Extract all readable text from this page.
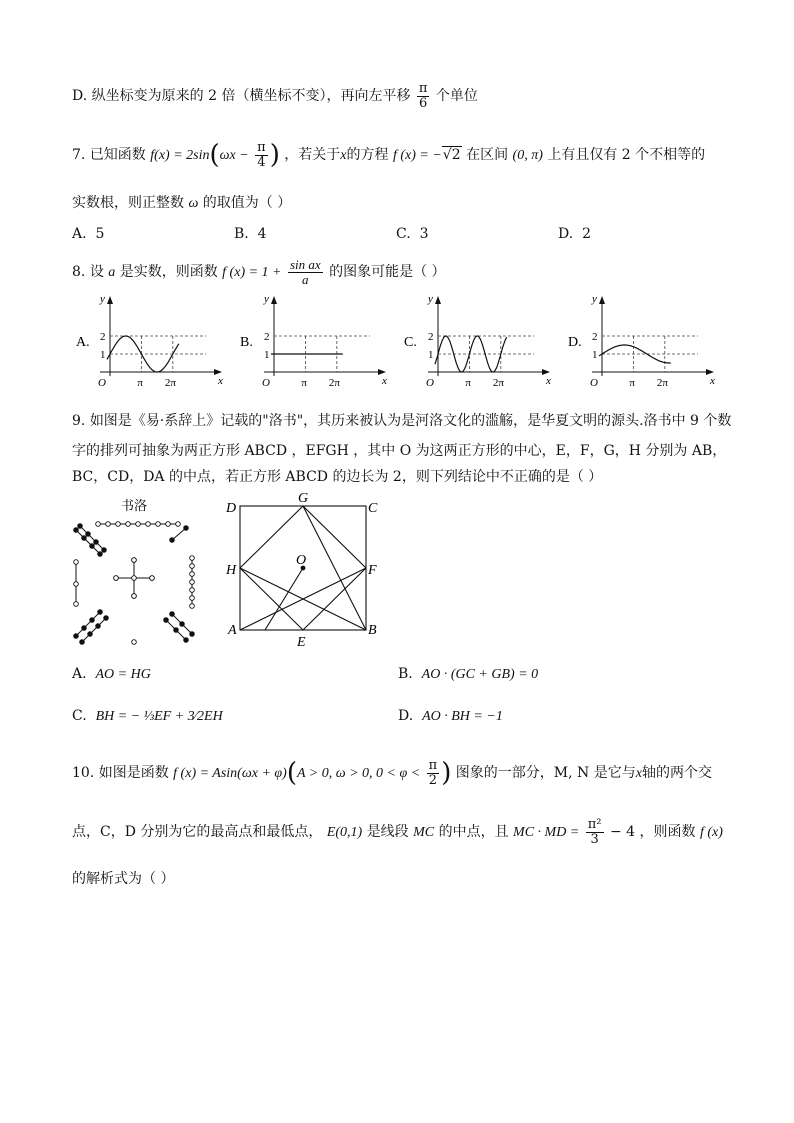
D. 纵坐标变为原来的 2 倍（横坐标不变），再向左平移 $\frac{\pi}{6}$ 个单位
7. 已知函数 $f(x) = 2\sin(\omega x - \frac{\pi}{4}$ ) ，若关于x的方程 f (x) = −√2 在区间 (0, π) 上有且仅有 2 个不相等的
实数根，则正整数 ω 的取值为（ ）
A. 5	B. 4	C. 3	D. 2
8. 设 a 是实数，则函数 f $(x) = 1 + \frac{\text{sin ax}}{a}$ 的图象可能是（ ）
A.
y
x
O
2
1
π 2π
B.
y
x
O
2
1
π 2π
C.
y
x
O
2
1
π 2π
D.
y
x
O
2
1
π 2π
9. 如图是《易·系辞上》记载的"洛书"，其历来被认为是河洛文化的滥觞，是华夏文明的源头.洛书中 9 个数
字的排列可抽象为两正方形 ABCD ，EFGH ，其中 O 为这两正方形的中心，E，F，G，H 分别为 AB，
BC，CD，DA 的中点，若正方形 ABCD 的边长为 2，则下列结论中不正确的是（ ）
书洛	D
G
C
H
O
F
A
E
B
A. AO = HG	B. AO · (GC + GB) = 0
C. BH = − ⅓EF + 3⁄2EH	D. AO · BH = −1
10. 如图是函数 f (x) = Asin(ωx + φ)(A > 0, ω > 0, $0 < \varphi < \frac{\pi}{2}$ ) 图象的一部分，M, N 是它与x轴的两个交
点，C，D 分别为它的最高点和最低点， E(0,1) 是线段 MC 的中点，且 MC · MD = $\frac{\text{π²}}{3} - 4$ ，则函数 f (x)
的解析式为（ ）
